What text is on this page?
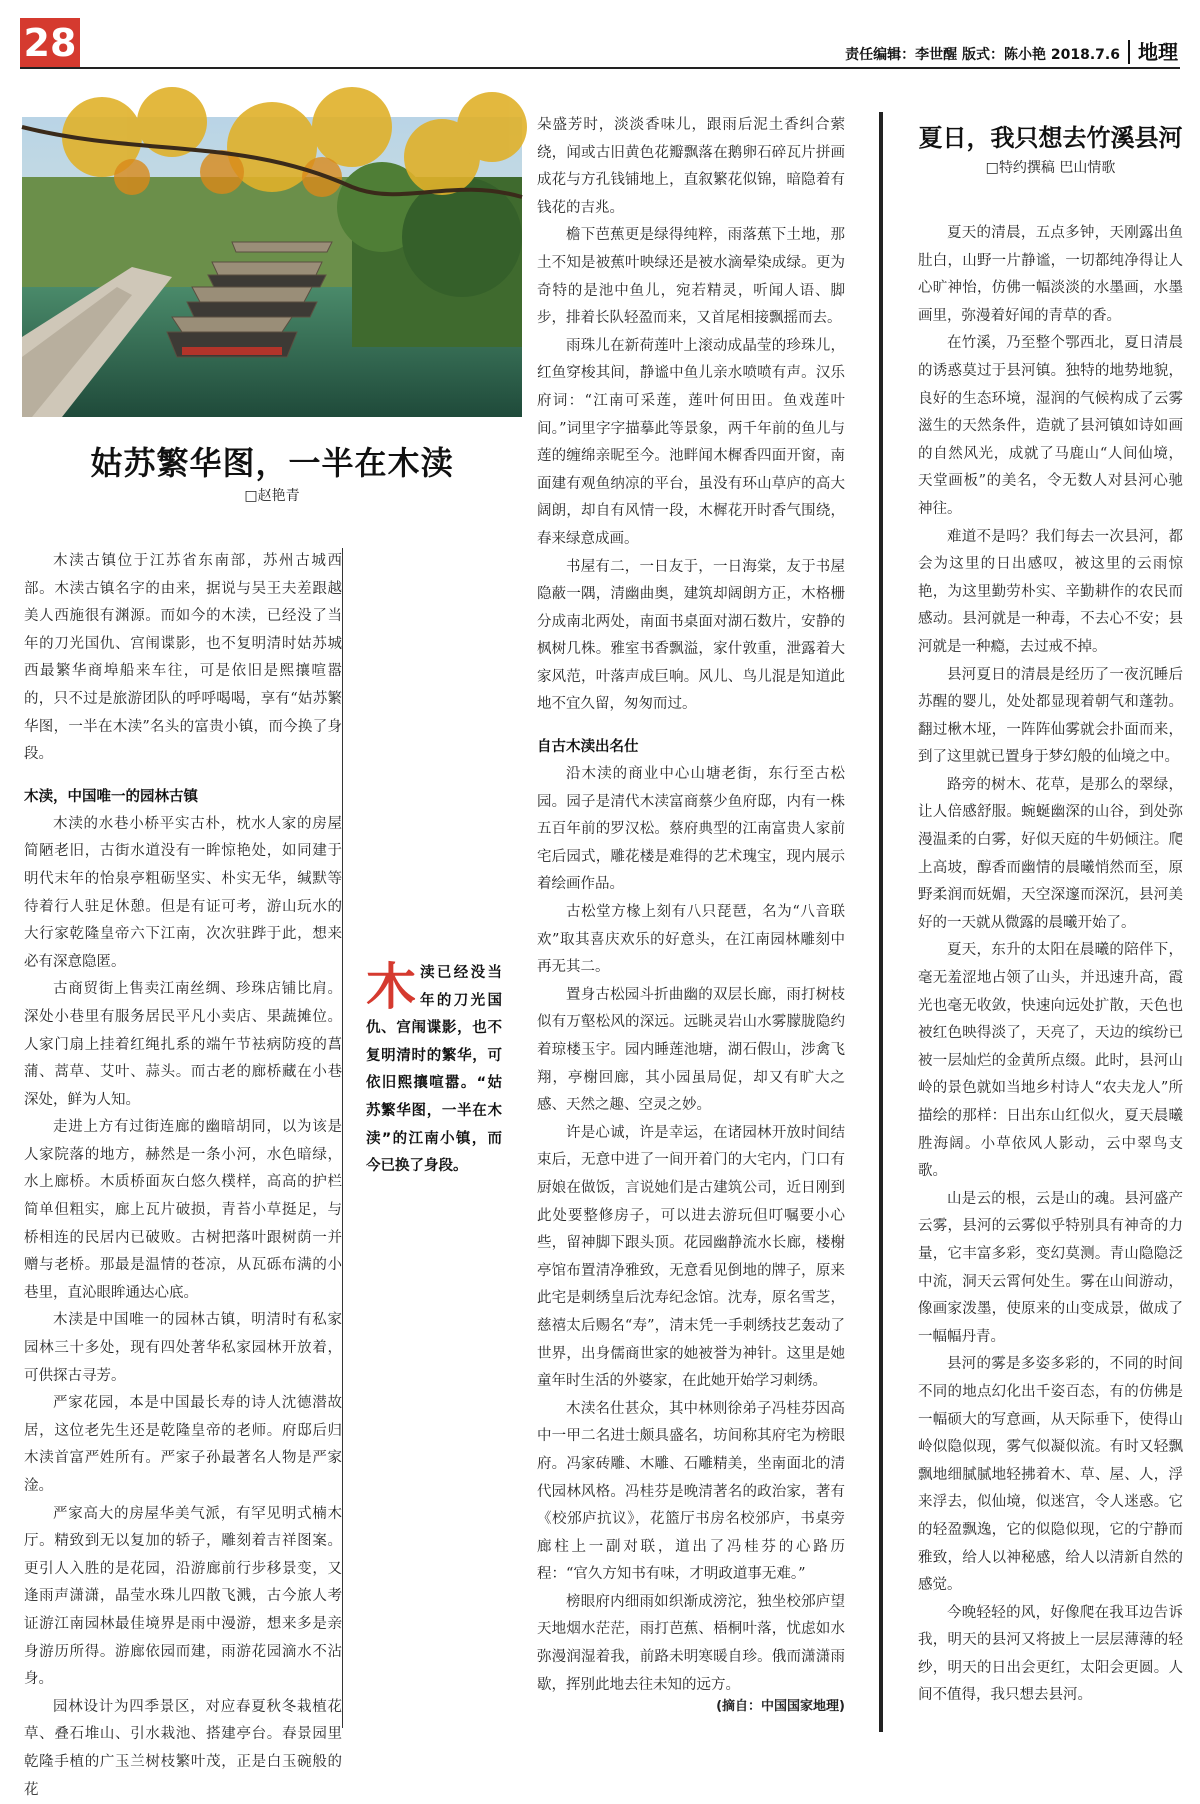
28	责任编辑：李世醒 版式：陈小艳 2018.7.6 地理
姑苏繁华图，一半在木渎
□赵艳青

木渎古镇位于江苏省东南部，苏州古城西部。木渎古镇名字的由来，据说与吴王夫差跟越美人西施很有渊源。而如今的木渎，已经没了当年的刀光国仇、宫闱谍影，也不复明清时姑苏城西最繁华商埠船来车往，可是依旧是熙攘喧嚣的，只不过是旅游团队的呼呼喝喝，享有“姑苏繁华图，一半在木渎”名头的富贵小镇，而今换了身段。

木渎，中国唯一的园林古镇

木渎的水巷小桥平实古朴，枕水人家的房屋简陋老旧，古街水道没有一眸惊艳处，如同建于明代末年的怡泉亭粗砺坚实、朴实无华，缄默等待着行人驻足休憩。但是有证可考，游山玩水的大行家乾隆皇帝六下江南，次次驻跸于此，想来必有深意隐匿。

古商贸街上售卖江南丝绸、珍珠店铺比肩。深处小巷里有服务居民平凡小卖店、果蔬摊位。人家门扇上挂着红绳扎系的端午节袪病防疫的菖蒲、蒿草、艾叶、蒜头。而古老的廊桥藏在小巷深处，鲜为人知。

走进上方有过街连廊的幽暗胡同，以为该是人家院落的地方，赫然是一条小河，水色暗绿，水上廊桥。木质桥面灰白悠久樸样，高高的护栏简单但粗实，廊上瓦片破损，青苔小草挺足，与桥相连的民居内已破败。古树把落叶跟树荫一并赠与老桥。那最是温情的苍凉，从瓦砾布满的小巷里，直沁眼眸通达心底。

木渎是中国唯一的园林古镇，明清时有私家园林三十多处，现有四处著华私家园林开放着，可供探古寻芳。

严家花园，本是中国最长寿的诗人沈德潜故居，这位老先生还是乾隆皇帝的老师。府邸后归木渎首富严姓所有。严家子孙最著名人物是严家淦。

严家高大的房屋华美气派，有罕见明式楠木厅。精致到无以复加的轿子，雕刻着吉祥图案。更引人入胜的是花园，沿游廊前行步移景变，又逢雨声潇潇，晶莹水珠儿四散飞溅，古今旅人考证游江南园林最佳境界是雨中漫游，想来多是亲身游历所得。游廊依园而建，雨游花园滴水不沾身。

园林设计为四季景区，对应春夏秋冬栽植花草、叠石堆山、引水栽池、搭建亭台。春景园里乾隆手植的广玉兰树枝繁叶茂，正是白玉碗般的花

木渎已经没当年的刀光国仇、宫闱谍影，也不复明清时的繁华，可依旧熙攘喧嚣。“姑苏繁华图，一半在木渎”的江南小镇，而今已换了身段。

朵盛芳时，淡淡香味儿，跟雨后泥土香纠合萦绕，闻或古旧黄色花瓣飘落在鹅卵石碎瓦片拼画成花与方孔钱铺地上，直叙繁花似锦，暗隐着有钱花的吉兆。

檐下芭蕉更是绿得纯粹，雨落蕉下土地，那土不知是被蕉叶映绿还是被水滴晕染成绿。更为奇特的是池中鱼儿，宛若精灵，听闻人语、脚步，排着长队轻盈而来，又首尾相接飘摇而去。

雨珠儿在新荷莲叶上滚动成晶莹的珍珠儿，红鱼穿梭其间，静谧中鱼儿亲水喷喷有声。汉乐府词：“江南可采莲，莲叶何田田。鱼戏莲叶间。”词里字字描摹此等景象，两千年前的鱼儿与莲的缠绵亲昵至今。池畔闻木樨香四面开窗，南面建有观鱼纳凉的平台，虽没有环山草庐的高大阔朗，却自有风情一段，木樨花开时香气围绕，春来绿意成画。

书屋有二，一日友于，一日海棠，友于书屋隐蔽一隅，清幽曲奥，建筑却阔朗方正，木格栅分成南北两处，南面书桌面对湖石数片，安静的枫树几株。雅室书香飘溢，家什敦重，泄露着大家风范，叶落声成巨响。风儿、鸟儿混是知道此地不宜久留，匆匆而过。

自古木渎出名仕

沿木渎的商业中心山塘老街，东行至古松园。园子是清代木渎富商蔡少鱼府邸，内有一株五百年前的罗汉松。蔡府典型的江南富贵人家前宅后园式，雕花楼是难得的艺术瑰宝，现内展示着绘画作品。

古松堂方椽上刻有八只琵琶，名为“八音联欢”取其喜庆欢乐的好意头，在江南园林雕刻中再无其二。

置身古松园斗折曲幽的双层长廊，雨打树枝似有万壑松风的深远。远眺灵岩山水雾朦胧隐约着琼楼玉宇。园内睡莲池塘，湖石假山，涉禽飞翔，亭榭回廊，其小园虽局促，却又有旷大之感、天然之趣、空灵之妙。

许是心诚，许是幸运，在诸园林开放时间结束后，无意中进了一间开着门的大宅内，门口有厨娘在做饭，言说她们是古建筑公司，近日刚到此处要整修房子，可以进去游玩但叮嘱要小心些，留神脚下跟头顶。花园幽静流水长廊，楼榭亭馆布置清净雅致，无意看见倒地的牌子，原来此宅是刺绣皇后沈寿纪念馆。沈寿，原名雪芝，慈禧太后赐名“寿”，清末凭一手刺绣技艺轰动了世界，出身儒商世家的她被誉为神针。这里是她童年时生活的外婆家，在此她开始学习刺绣。

木渎名仕甚众，其中林则徐弟子冯桂芬因高中一甲二名进士颇具盛名，坊间称其府宅为榜眼府。冯家砖雕、木雕、石雕精美，坐南面北的清代园林风格。冯桂芬是晚清著名的政治家，著有《校邠庐抗议》，花篮厅书房名校邠庐，书桌旁廊柱上一副对联，道出了冯桂芬的心路历程：“官久方知书有味，才明政道事无难。”

榜眼府内细雨如织渐成滂沱，独坐校邠庐望天地烟水茫茫，雨打芭蕉、梧桐叶落，忧虑如水弥漫润湿着我，前路未明寒暖自珍。俄而潇潇雨歇，挥别此地去往未知的远方。

(摘自：中国国家地理)
夏日，我只想去竹溪县河
□特约撰稿 巴山情歌

夏天的清晨，五点多钟，天刚露出鱼肚白，山野一片静谧，一切都纯净得让人心旷神怡，仿佛一幅淡淡的水墨画，水墨画里，弥漫着好闻的青草的香。

在竹溪，乃至整个鄂西北，夏日清晨的诱惑莫过于县河镇。独特的地势地貌，良好的生态环境，湿润的气候构成了云雾滋生的天然条件，造就了县河镇如诗如画的自然风光，成就了马鹿山“人间仙境，天堂画板”的美名，令无数人对县河心驰神往。

难道不是吗？我们每去一次县河，都会为这里的日出感叹，被这里的云雨惊艳，为这里勤劳朴实、辛勤耕作的农民而感动。县河就是一种毒，不去心不安；县河就是一种瘾，去过戒不掉。

县河夏日的清晨是经历了一夜沉睡后苏醒的婴儿，处处都显现着朝气和蓬勃。翻过楸木垭，一阵阵仙雾就会扑面而来，到了这里就已置身于梦幻般的仙境之中。

路旁的树木、花草，是那么的翠绿，让人倍感舒服。蜿蜒幽深的山谷，到处弥漫温柔的白雾，好似天庭的牛奶倾注。爬上高坡，醇香而幽情的晨曦悄然而至，原野柔润而妩媚，天空深邃而深沉，县河美好的一天就从微露的晨曦开始了。

夏天，东升的太阳在晨曦的陪伴下，毫无羞涩地占领了山头，并迅速升高，霞光也毫无收敛，快速向远处扩散，天色也被红色映得淡了，天亮了，天边的缤纷已被一层灿烂的金黄所点缀。此时，县河山岭的景色就如当地乡村诗人“农夫龙人”所描绘的那样：日出东山红似火，夏天晨曦胜海阔。小草依风人影动，云中翠鸟支歌。

山是云的根，云是山的魂。县河盛产云雾，县河的云雾似乎特别具有神奇的力量，它丰富多彩，变幻莫测。青山隐隐泛中流，洞天云霄何处生。雾在山间游动，像画家泼墨，使原来的山变成景，做成了一幅幅丹青。

县河的雾是多姿多彩的，不同的时间不同的地点幻化出千姿百态，有的仿佛是一幅硕大的写意画，从天际垂下，使得山岭似隐似现，雾气似凝似流。有时又轻飘飘地细腻腻地轻拂着木、草、屋、人，浮来浮去，似仙境，似迷宫，令人迷惑。它的轻盈飘逸，它的似隐似现，它的宁静而雅致，给人以神秘感，给人以清新自然的感觉。

今晚轻轻的风，好像爬在我耳边告诉我，明天的县河又将披上一层层薄薄的轻纱，明天的日出会更红，太阳会更圆。人间不值得，我只想去县河。
